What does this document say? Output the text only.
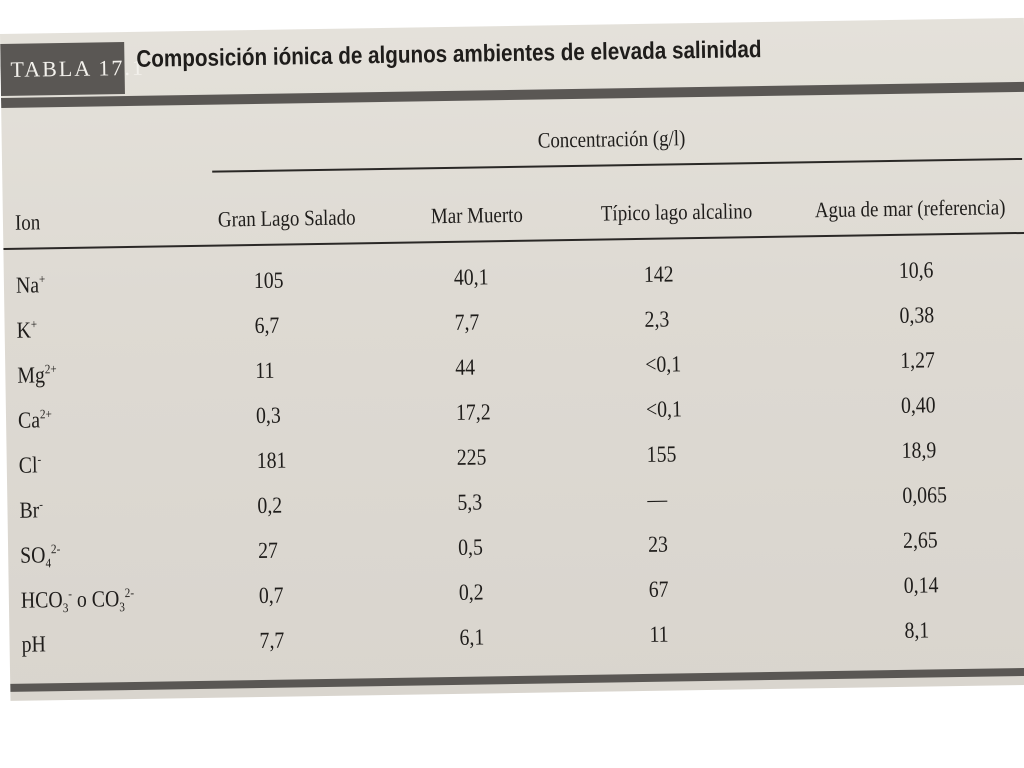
TABLA 17.1
Composición iónica de algunos ambientes de elevada salinidad
Concentración (g/l)
Ion	Gran Lago Salado	Mar Muerto	Típico lago alcalino	Agua de mar (referencia)
Na+	105	40,1	142	10,6
K+	6,7	7,7	2,3	0,38
$Mg^{2+}$	11	44	<0,1	1,27
$Ca^{2+}$	0,3	17,2	<0,1	0,40
Cl-	181	225	155	18,9
Br-	0,2	5,3	—	0,065
$SO_4^{2-}$	27	0,5	23	2,65
$HCO_3^-$ o $CO_3^{2-}$	0,7	0,2	67	0,14
pH	7,7	6,1	11	8,1
